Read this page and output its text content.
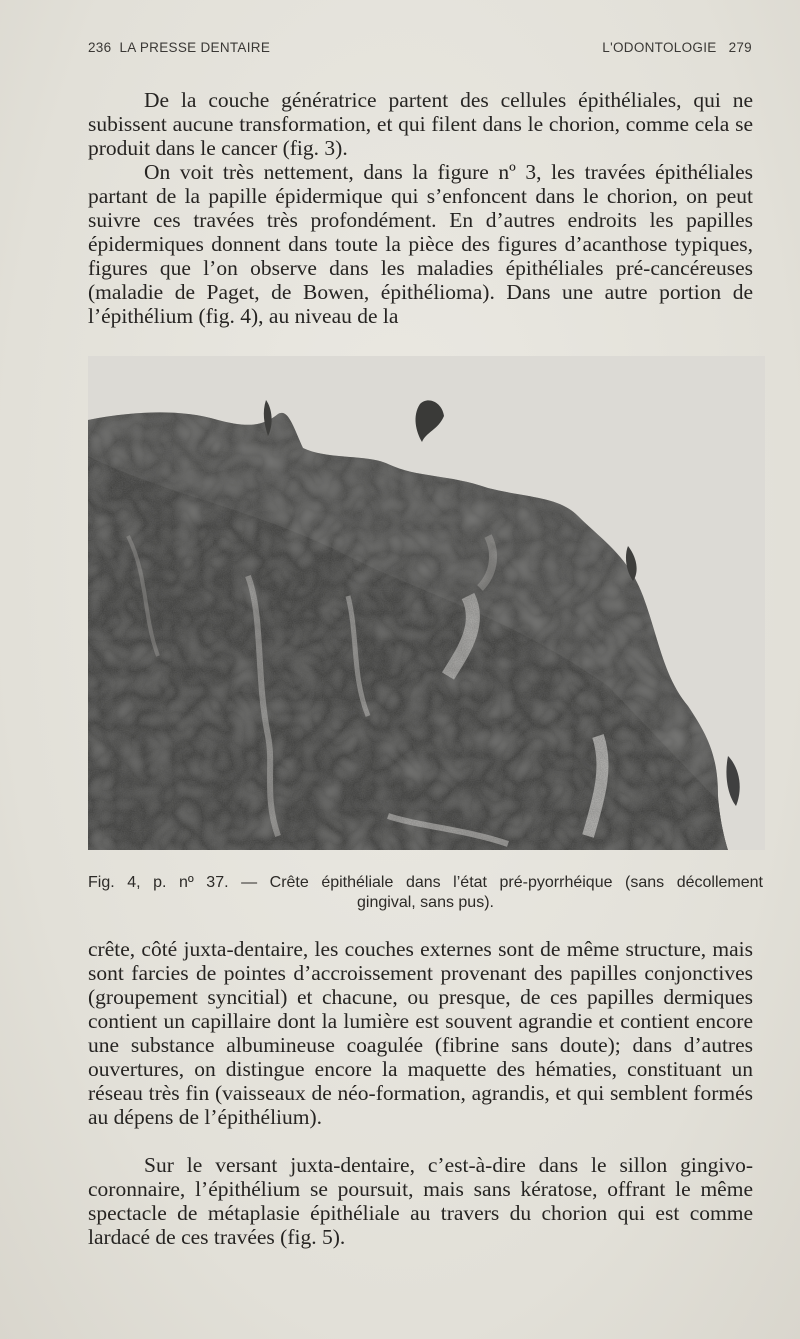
236 LA PRESSE DENTAIRE	L'ODONTOLOGIE 279

De la couche génératrice partent des cellules épithéliales, qui ne subissent aucune transformation, et qui filent dans le chorion, comme cela se produit dans le cancer (fig. 3).

On voit très nettement, dans la figure nº 3, les travées épithéliales partant de la papille épidermique qui s’enfoncent dans le chorion, on peut suivre ces travées très profondément. En d’autres endroits les papilles épidermiques donnent dans toute la pièce des figures d’acanthose typiques, figures que l’on observe dans les maladies épithéliales pré-cancéreuses (maladie de Paget, de Bowen, épithélioma). Dans une autre portion de l’épithélium (fig. 4), au niveau de la

Fig. 4, p. nº 37. — Crête épithéliale dans l’état pré-pyorrhéique (sans décollement
gingival, sans pus).

crête, côté juxta-dentaire, les couches externes sont de même structure, mais sont farcies de pointes d’accroissement provenant des papilles conjonctives (groupement syncitial) et chacune, ou presque, de ces papilles dermiques contient un capillaire dont la lumière est souvent agrandie et contient encore une substance albumineuse coagulée (fibrine sans doute); dans d’autres ouvertures, on distingue encore la maquette des hématies, constituant un réseau très fin (vaisseaux de néo-formation, agrandis, et qui semblent formés au dépens de l’épithélium).

Sur le versant juxta-dentaire, c’est-à-dire dans le sillon gingivo-coronnaire, l’épithélium se poursuit, mais sans kératose, offrant le même spectacle de métaplasie épithéliale au travers du chorion qui est comme lardacé de ces travées (fig. 5).
